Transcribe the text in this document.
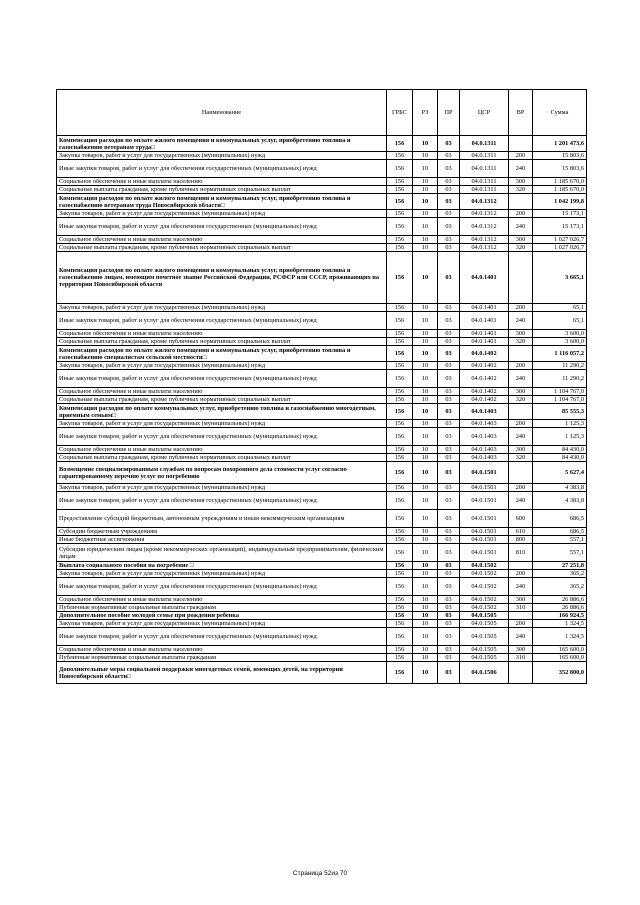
Наименование	ГРБС	РЗ	ПР	ЦСР	ВР	Сумма
Компенсация расходов по оплате жилого помещения и коммунальных услуг, приобретению топлива и газоснабжению ветеранам труда□	156	10	03	04.0.1311		1 201 473,6
Закупка товаров, работ и услуг для государственных (муниципальных) нужд	156	10	03	04.0.1311	200	15 803,6
Иные закупки товаров, работ и услуг для обеспечения государственных (муниципальных) нужд	156	10	03	04.0.1311	240	15 803,6
Социальное обеспечение и иные выплаты населению	156	10	03	04.0.1311	300	1 185 670,0
Социальные выплаты гражданам, кроме публичных нормативных социальных выплат	156	10	03	04.0.1311	320	1 185 670,0
Компенсация расходов по оплате жилого помещения и коммунальных услуг, приобретению топлива и газоснабжению ветеранам труда Новосибирской области□	156	10	03	04.0.1312		1 042 199,8
Закупка товаров, работ и услуг для государственных (муниципальных) нужд	156	10	03	04.0.1312	200	15 173,1
Иные закупки товаров, работ и услуг для обеспечения государственных (муниципальных) нужд	156	10	03	04.0.1312	240	15 173,1
Социальное обеспечение и иные выплаты населению	156	10	03	04.0.1312	300	1 027 026,7
Социальные выплаты гражданам, кроме публичных нормативных социальных выплат	156	10	03	04.0.1312	320	1 027 026,7
Компенсация расходов по оплате жилого помещения и коммунальных услуг, приобретению топлива и газоснабжению лицам, имеющим почетное звание Российской Федерации, РСФСР или СССР, проживающих на территории Новосибирской области	156	10	03	04.0.1401		3 665,1
Закупка товаров, работ и услуг для государственных (муниципальных) нужд	156	10	03	04.0.1401	200	65,1
Иные закупки товаров, работ и услуг для обеспечения государственных (муниципальных) нужд	156	10	03	04.0.1401	240	65,1
Социальное обеспечение и иные выплаты населению	156	10	03	04.0.1401	300	3 600,0
Социальные выплаты гражданам, кроме публичных нормативных социальных выплат	156	10	03	04.0.1401	320	3 600,0
Компенсация расходов по оплате жилого помещения и коммунальных услуг, приобретению топлива и газоснабжению специалистам сельской местности□	156	10	03	04.0.1402		1 116 057,2
Закупка товаров, работ и услуг для государственных (муниципальных) нужд	156	10	03	04.0.1402	200	11 290,2
Иные закупки товаров, работ и услуг для обеспечения государственных (муниципальных) нужд	156	10	03	04.0.1402	240	11 290,2
Социальное обеспечение и иные выплаты населению	156	10	03	04.0.1402	300	1 104 767,0
Социальные выплаты гражданам, кроме публичных нормативных социальных выплат	156	10	03	04.0.1402	320	1 104 767,0
Компенсация расходов по оплате коммунальных услуг, приобретению топлива и газоснабжению многодетным, приемным семьям□	156	10	03	04.0.1403		85 555,3
Закупка товаров, работ и услуг для государственных (муниципальных) нужд	156	10	03	04.0.1403	200	1 125,3
Иные закупки товаров, работ и услуг для обеспечения государственных (муниципальных) нужд	156	10	03	04.0.1403	240	1 125,3
Социальное обеспечение и иные выплаты населению	156	10	03	04.0.1403	300	84 430,0
Социальные выплаты гражданам, кроме публичных нормативных социальных выплат	156	10	03	04.0.1403	320	84 430,0
Возмещение специализированным службам по вопросам похоронного дела стоимости услуг согласно гарантированному перечню услуг по погребению	156	10	03	04.0.1501		5 627,4
Закупка товаров, работ и услуг для государственных (муниципальных) нужд	156	10	03	04.0.1501	200	4 383,8
Иные закупки товаров, работ и услуг для обеспечения государственных (муниципальных) нужд	156	10	03	04.0.1501	240	4 383,8
Предоставление субсидий бюджетным, автономным учреждениям и иным некоммерческим организациям	156	10	03	04.0.1501	600	686,5
Субсидии бюджетным учреждениям	156	10	03	04.0.1501	610	686,5
Иные бюджетные ассигнования	156	10	03	04.0.1501	800	557,1
Субсидии юридическим лицам (кроме некоммерческих организаций), индивидуальным предпринимателям, физическим лицам	156	10	03	04.0.1501	810	557,1
Выплата социального пособия на погребение □	156	10	03	04.0.1502		27 251,8
Закупка товаров, работ и услуг для государственных (муниципальных) нужд	156	10	03	04.0.1502	200	365,2
Иные закупки товаров, работ и услуг для обеспечения государственных (муниципальных) нужд	156	10	03	04.0.1502	240	365,2
Социальное обеспечение и иные выплаты населению	156	10	03	04.0.1502	300	26 886,6
Публичные нормативные социальные выплаты гражданам	156	10	03	04.0.1502	310	26 886,6
Дополнительное пособие молодой семье при рождении ребенка	156	10	03	04.0.1505		166 924,5
Закупка товаров, работ и услуг для государственных (муниципальных) нужд	156	10	03	04.0.1505	200	1 324,5
Иные закупки товаров, работ и услуг для обеспечения государственных (муниципальных) нужд	156	10	03	04.0.1505	240	1 324,5
Социальное обеспечение и иные выплаты населению	156	10	03	04.0.1505	300	165 600,0
Публичные нормативные социальные выплаты гражданам	156	10	03	04.0.1505	310	165 600,0
Дополнительные меры социальной поддержки многодетных семей, имеющих детей, на территории Новосибирской области□	156	10	03	04.0.1506		352 800,0
Страница 52из 70
